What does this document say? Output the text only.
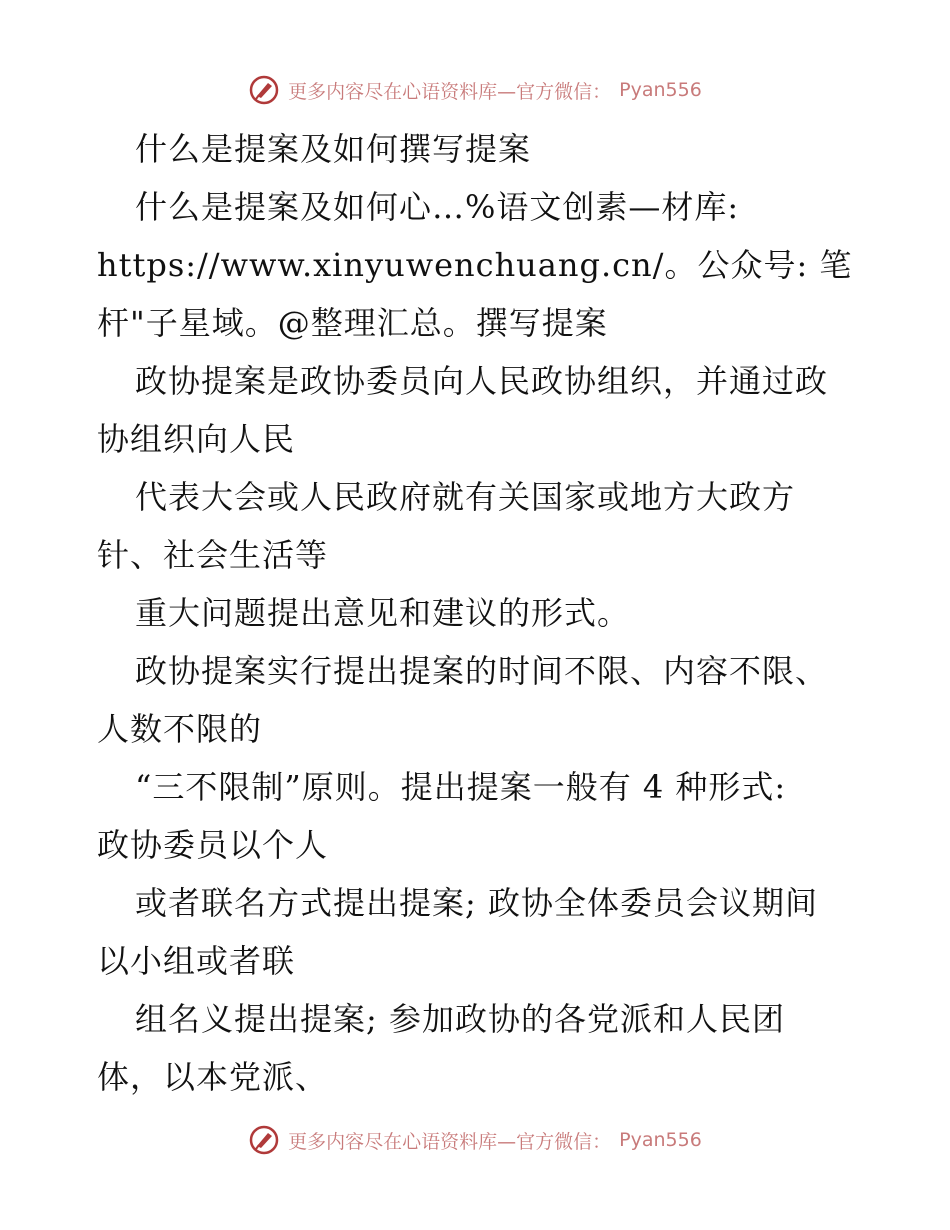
更多内容尽在心语资料库—官方微信： Pyan556
什么是提案及如何撰写提案
什么是提案及如何心…%语文创素—材库:
https://www.xinyuwenchuang.cn/。公众号: 笔
杆"子星域。@整理汇总。撰写提案
政协提案是政协委员向人民政协组织，并通过政
协组织向人民
代表大会或人民政府就有关国家或地方大政方
针、社会生活等
重大问题提出意见和建议的形式。
政协提案实行提出提案的时间不限、内容不限、
人数不限的
“三不限制”原则。提出提案一般有 4 种形式:
政协委员以个人
或者联名方式提出提案; 政协全体委员会议期间
以小组或者联
组名义提出提案; 参加政协的各党派和人民团
体，以本党派、
更多内容尽在心语资料库—官方微信： Pyan556
